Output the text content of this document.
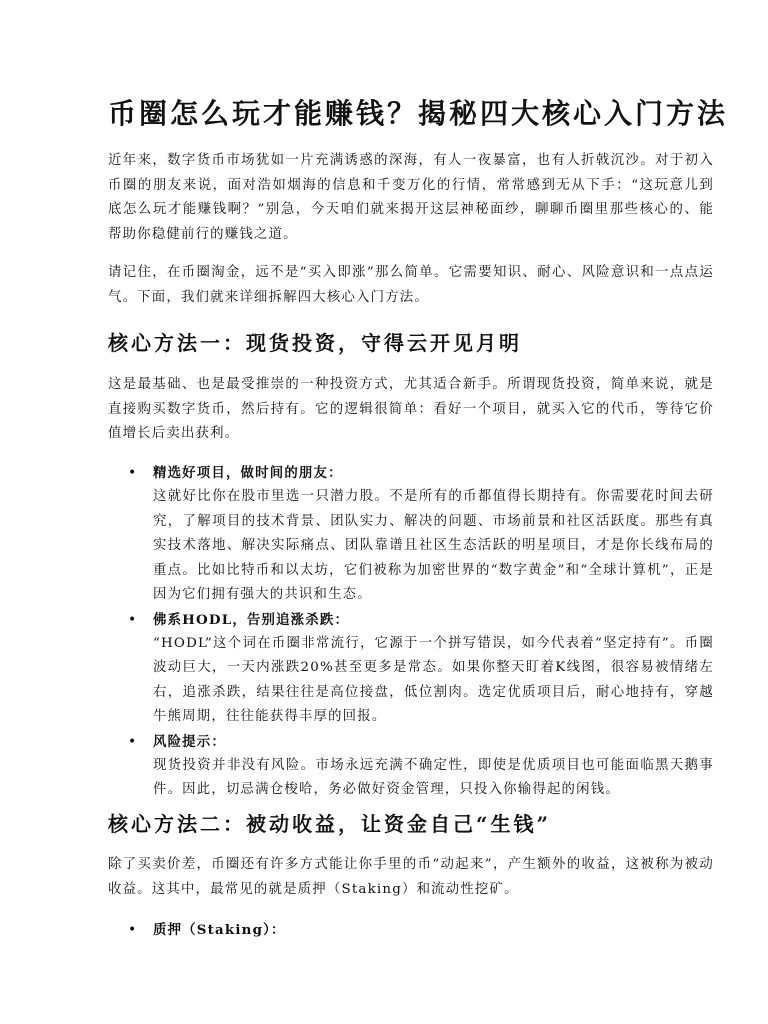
币圈怎么玩才能赚钱？揭秘四大核心入门方法

近年来，数字货币市场犹如一片充满诱惑的深海，有人一夜暴富，也有人折戟沉沙。对于初入币圈的朋友来说，面对浩如烟海的信息和千变万化的行情，常常感到无从下手：“这玩意儿到底怎么玩才能赚钱啊？”别急，今天咱们就来揭开这层神秘面纱，聊聊币圈里那些核心的、能帮助你稳健前行的赚钱之道。

请记住，在币圈淘金，远不是“买入即涨”那么简单。它需要知识、耐心、风险意识和一点点运气。下面，我们就来详细拆解四大核心入门方法。

核心方法一：现货投资，守得云开见月明

这是最基础、也是最受推崇的一种投资方式，尤其适合新手。所谓现货投资，简单来说，就是直接购买数字货币，然后持有。它的逻辑很简单：看好一个项目，就买入它的代币，等待它价值增长后卖出获利。

• 精选好项目，做时间的朋友：
这就好比你在股市里选一只潜力股。不是所有的币都值得长期持有。你需要花时间去研究，了解项目的技术背景、团队实力、解决的问题、市场前景和社区活跃度。那些有真实技术落地、解决实际痛点、团队靠谱且社区生态活跃的明星项目，才是你长线布局的重点。比如比特币和以太坊，它们被称为加密世界的“数字黄金”和“全球计算机”，正是因为它们拥有强大的共识和生态。
• 佛系HODL，告别追涨杀跌：
“HODL”这个词在币圈非常流行，它源于一个拼写错误，如今代表着“坚定持有”。币圈波动巨大，一天内涨跌20%甚至更多是常态。如果你整天盯着K线图，很容易被情绪左右，追涨杀跌，结果往往是高位接盘，低位割肉。选定优质项目后，耐心地持有，穿越牛熊周期，往往能获得丰厚的回报。
• 风险提示：
现货投资并非没有风险。市场永远充满不确定性，即使是优质项目也可能面临黑天鹅事件。因此，切忌满仓梭哈，务必做好资金管理，只投入你输得起的闲钱。
核心方法二：被动收益，让资金自己“生钱”

除了买卖价差，币圈还有许多方式能让你手里的币“动起来”，产生额外的收益，这被称为被动收益。这其中，最常见的就是质押（Staking）和流动性挖矿。

• 质押（Staking）：
